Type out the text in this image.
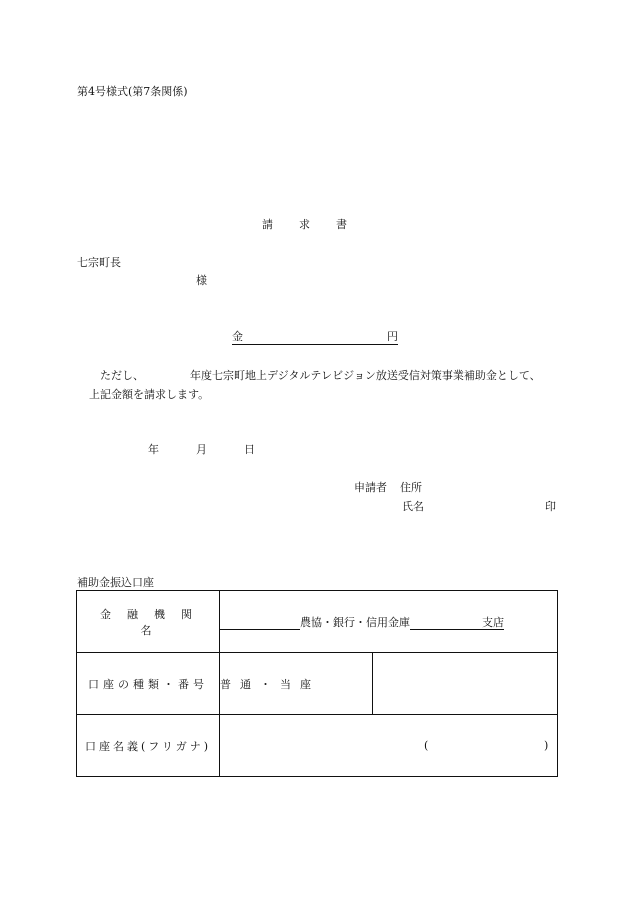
第4号様式(第7条関係)
請求書
七宗町長
様
金	円
ただし、	年度七宗町地上デジタルテレビジョン放送受信対策事業補助金として、
上記金額を請求します。
年	月	日
申請者 住所
氏名	印
補助金振込口座
金融機関名	農協・銀行・信用金庫 支店	
口座の種類・番号	普通・当座	
口座名義(フリガナ)	( )	
